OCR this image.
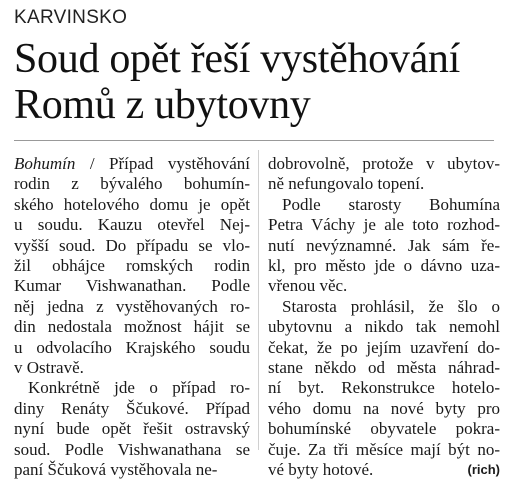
KARVINSKO
Soud opět řeší vystěhování
Romů z ubytovny

Bohumín / Případ vystěhování
rodin z bývalého bohumín-
ského hotelového domu je opět
u soudu. Kauzu otevřel Nej-
vyšší soud. Do případu se vlo-
žil obhájce romských rodin
Kumar Vishwanathan. Podle
něj jedna z vystěhovaných ro-
din nedostala možnost hájit se
u odvolacího Krajského soudu
v Ostravě.

Konkrétně jde o případ ro-
diny Renáty Ščukové. Případ
nyní bude opět řešit ostravský
soud. Podle Vishwanathana se
paní Ščuková vystěhovala ne-

dobrovolně, protože v ubytov-
ně nefungovalo topení.

Podle starosty Bohumína
Petra Váchy je ale toto rozhod-
nutí nevýznamné. Jak sám ře-
kl, pro město jde o dávno uza-
vřenou věc.

Starosta prohlásil, že šlo o
ubytovnu a nikdo tak nemohl
čekat, že po jejím uzavření do-
stane někdo od města náhrad-
ní byt. Rekonstrukce hotelo-
vého domu na nové byty pro
bohumínské obyvatele pokra-
čuje. Za tři měsíce mají být no-
vé byty hotové.	(rich)
